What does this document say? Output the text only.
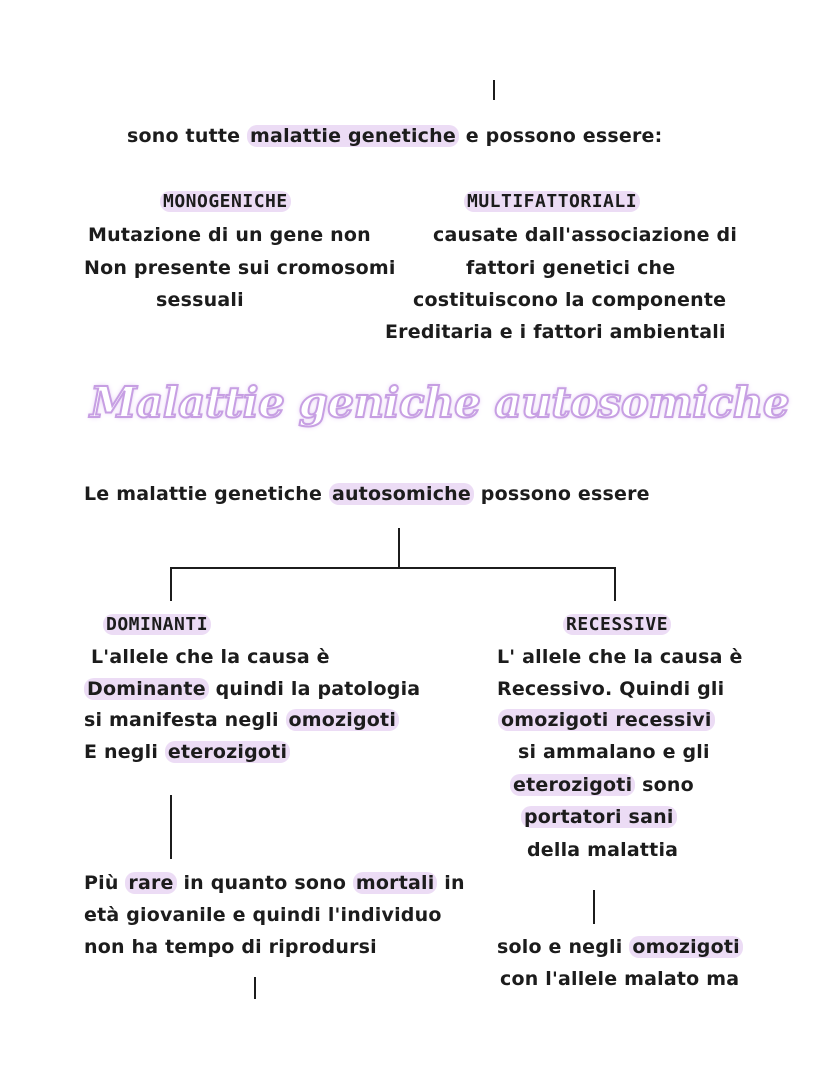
sono tutte malattie genetiche e possono essere:
MONOGENICHE
Mutazione di un gene non
Non presente sui cromosomi
sessuali
MULTIFATTORIALI
causate dall'associazione di
fattori genetici che
costituiscono la componente
Ereditaria e i fattori ambientali
Malattie geniche autosomiche
Le malattie genetiche autosomiche possono essere
DOMINANTI
L'allele che la causa è
Dominante quindi la patologia
si manifesta negli omozigoti
E negli eterozigoti
Più rare in quanto sono mortali in
età giovanile e quindi l'individuo
non ha tempo di riprodursi
RECESSIVE
L' allele che la causa è
Recessivo. Quindi gli
omozigoti recessivi
si ammalano e gli
eterozigoti sono
portatori sani
della malattia
solo e negli omozigoti
con l'allele malato ma
